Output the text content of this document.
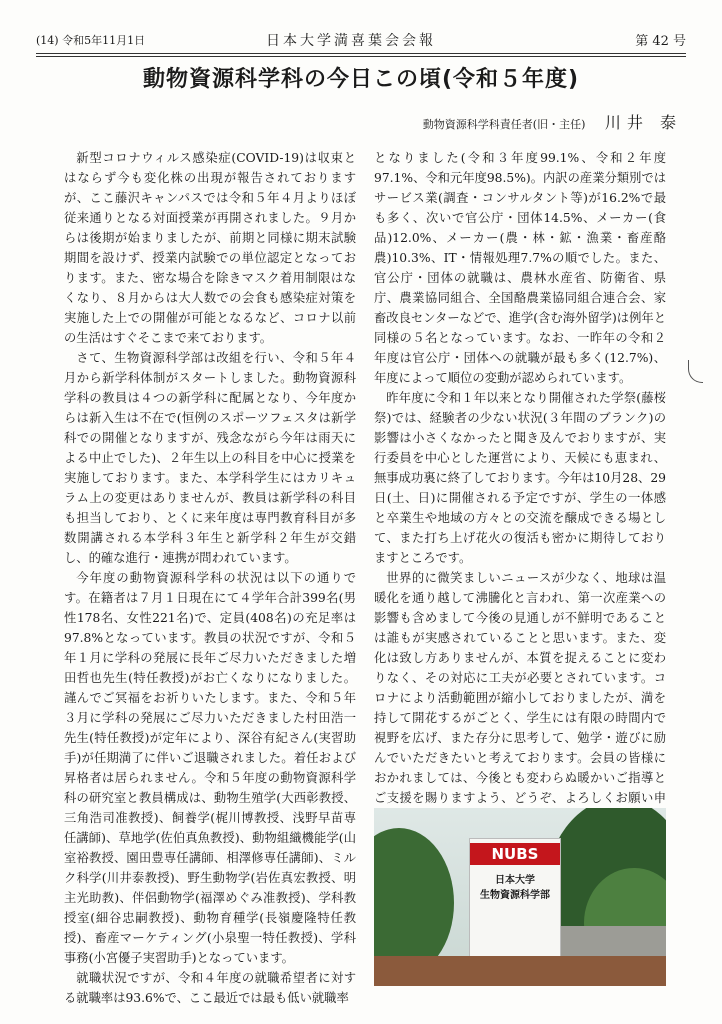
(14) 令和5年11月1日	日本大学満喜葉会会報	第 42 号
動物資源科学科の今日この頃(令和５年度)
動物資源科学科責任者(旧・主任) 川井 泰

新型コロナウィルス感染症(COVID-19)は収束とはならず今も変化株の出現が報告されておりますが、ここ藤沢キャンパスでは令和５年４月よりほぼ従来通りとなる対面授業が再開されました。９月からは後期が始まりましたが、前期と同様に期末試験期間を設けず、授業内試験での単位認定となっております。また、密な場合を除きマスク着用制限はなくなり、８月からは大人数での会食も感染症対策を実施した上での開催が可能となるなど、コロナ以前の生活はすぐそこまで来ております。

さて、生物資源科学部は改組を行い、令和５年４月から新学科体制がスタートしました。動物資源科学科の教員は４つの新学科に配属となり、今年度からは新入生は不在で(恒例のスポーツフェスタは新学科での開催となりますが、残念ながら今年は雨天による中止でした)、２年生以上の科目を中心に授業を実施しております。また、本学科学生にはカリキュラム上の変更はありませんが、教員は新学科の科目も担当しており、とくに来年度は専門教育科目が多数開講される本学科３年生と新学科２年生が交錯し、的確な進行・連携が問われています。

今年度の動物資源科学科の状況は以下の通りです。在籍者は７月１日現在にて４学年合計399名(男性178名、女性221名)で、定員(408名)の充足率は97.8%となっています。教員の状況ですが、令和５年１月に学科の発展に長年ご尽力いただきました増田哲也先生(特任教授)がお亡くなりになりました。謹んでご冥福をお祈りいたします。また、令和５年３月に学科の発展にご尽力いただきました村田浩一先生(特任教授)が定年により、深谷有紀さん(実習助手)が任期満了に伴いご退職されました。着任および昇格者は居られません。令和５年度の動物資源科学科の研究室と教員構成は、動物生殖学(大西彰教授、三角浩司准教授)、飼養学(梶川博教授、浅野早苗専任講師)、草地学(佐伯真魚教授)、動物組織機能学(山室裕教授、園田豊専任講師、相澤修専任講師)、ミルク科学(川井泰教授)、野生動物学(岩佐真宏教授、明主光助教)、伴侶動物学(福澤めぐみ准教授)、学科教授室(細谷忠嗣教授)、動物育種学(長嶺慶隆特任教授)、畜産マーケティング(小泉聖一特任教授)、学科事務(小宮優子実習助手)となっています。

就職状況ですが、令和４年度の就職希望者に対する就職率は93.6%で、ここ最近では最も低い就職率

となりました(令和３年度99.1%、令和２年度97.1%、令和元年度98.5%)。内訳の産業分類別ではサービス業(調査・コンサルタント等)が16.2%で最も多く、次いで官公庁・団体14.5%、メーカー(食品)12.0%、メーカー(農・林・鉱・漁業・畜産酪農)10.3%、IT・情報処理7.7%の順でした。また、官公庁・団体の就職は、農林水産省、防衛省、県庁、農業協同組合、全国酪農業協同組合連合会、家畜改良センターなどで、進学(含む海外留学)は例年と同様の５名となっています。なお、一昨年の令和２年度は官公庁・団体への就職が最も多く(12.7%)、年度によって順位の変動が認められています。

昨年度に令和１年以来となり開催された学祭(藤桜祭)では、経験者の少ない状況(３年間のブランク)の影響は小さくなかったと聞き及んでおりますが、実行委員を中心とした運営により、天候にも恵まれ、無事成功裏に終了しております。今年は10月28、29日(土、日)に開催される予定ですが、学生の一体感と卒業生や地域の方々との交流を醸成できる場として、また打ち上げ花火の復活も密かに期待しておりますところです。

世界的に微笑ましいニュースが少なく、地球は温暖化を通り越して沸騰化と言われ、第一次産業への影響も含めまして今後の見通しが不鮮明であることは誰もが実感されていることと思います。また、変化は致し方ありませんが、本質を捉えることに変わりなく、その対応に工夫が必要とされています。コロナにより活動範囲が縮小しておりましたが、満を持して開花するがごとく、学生には有限の時間内で視野を広げ、また存分に思考して、勉学・遊びに励んでいただきたいと考えております。会員の皆様におかれましては、今後とも変わらぬ暖かいご指導とご支援を賜りますよう、どうぞ、よろしくお願い申

NUBS
日本大学
生物資源科学部
